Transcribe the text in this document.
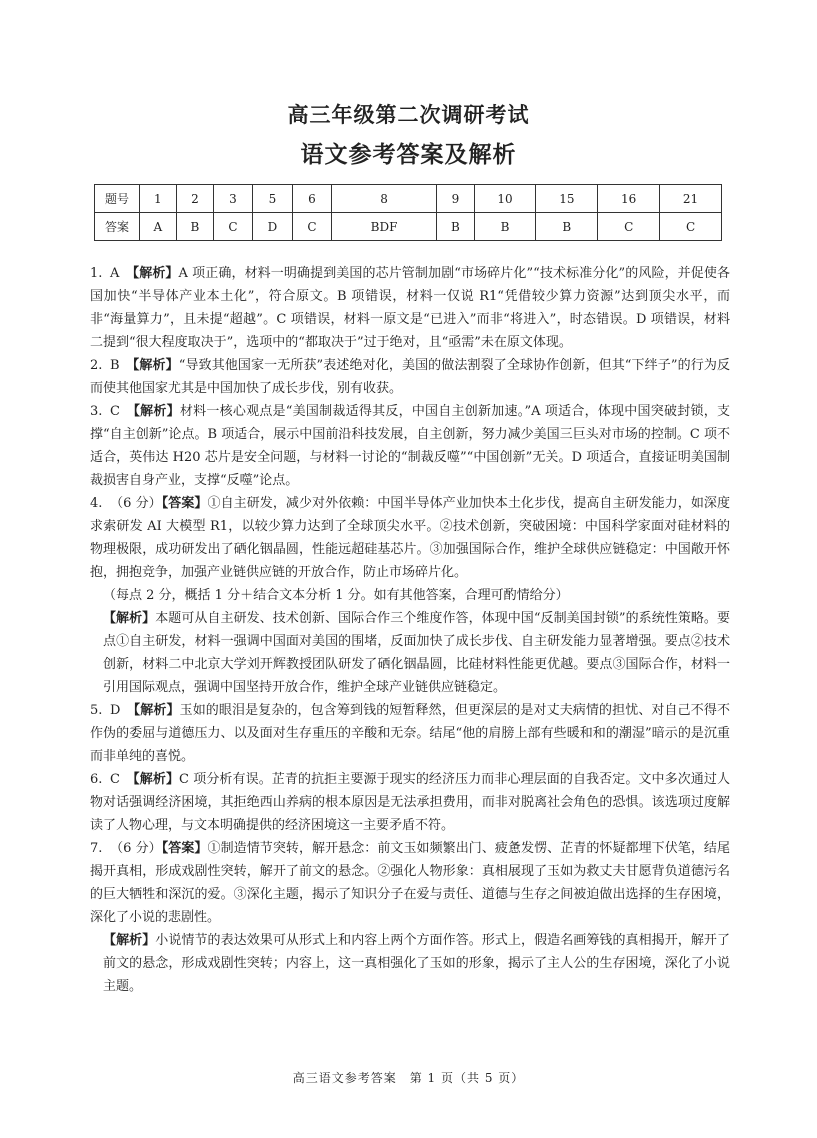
高三年级第二次调研考试
语文参考答案及解析
题号	1	2	3	5	6	8	9	10	15	16	21
答案	A	B	C	D	C	BDF	B	B	B	C	C

1. A　 【解析】A 项正确，材料一明确提到美国的芯片管制加剧“市场碎片化”“技术标准分化”的风险，并促使各国加快“半导体产业本土化”，符合原文。B 项错误，材料一仅说 R1“凭借较少算力资源”达到顶尖水平，而非“海量算力”，且未提“超越”。C 项错误，材料一原文是“已进入”而非“将进入”，时态错误。D 项错误，材料二提到“很大程度取决于”，选项中的“都取决于”过于绝对，且“亟需”未在原文体现。

2. B　 【解析】“导致其他国家一无所获”表述绝对化，美国的做法割裂了全球协作创新，但其“下绊子”的行为反而使其他国家尤其是中国加快了成长步伐，别有收获。

3. C　 【解析】材料一核心观点是“美国制裁适得其反，中国自主创新加速。”A 项适合，体现中国突破封锁，支撑“自主创新”论点。B 项适合，展示中国前沿科技发展，自主创新，努力减少美国三巨头对市场的控制。C 项不适合，英伟达 H20 芯片是安全问题，与材料一讨论的“制裁反噬”“中国创新”无关。D 项适合，直接证明美国制裁损害自身产业，支撑“反噬”论点。

4. （6 分）【答案】①自主研发，减少对外依赖：中国半导体产业加快本土化步伐，提高自主研发能力，如深度求索研发 AI 大模型 R1，以较少算力达到了全球顶尖水平。②技术创新，突破困境：中国科学家面对硅材料的物理极限，成功研发出了硒化铟晶圆，性能远超硅基芯片。③加强国际合作，维护全球供应链稳定：中国敞开怀抱，拥抱竞争，加强产业链供应链的开放合作，防止市场碎片化。

（每点 2 分，概括 1 分＋结合文本分析 1 分。如有其他答案，合理可酌情给分）

【解析】本题可从自主研发、技术创新、国际合作三个维度作答，体现中国“反制美国封锁”的系统性策略。要点①自主研发，材料一强调中国面对美国的围堵，反面加快了成长步伐、自主研发能力显著增强。要点②技术创新，材料二中北京大学刘开辉教授团队研发了硒化铟晶圆，比硅材料性能更优越。要点③国际合作，材料一引用国际观点，强调中国坚持开放合作，维护全球产业链供应链稳定。

5. D　 【解析】玉如的眼泪是复杂的，包含筹到钱的短暂释然，但更深层的是对丈夫病情的担忧、对自己不得不作伪的委屈与道德压力、以及面对生存重压的辛酸和无奈。结尾“他的肩膀上部有些暖和和的潮湿”暗示的是沉重而非单纯的喜悦。

6. C　 【解析】C 项分析有误。芷青的抗拒主要源于现实的经济压力而非心理层面的自我否定。文中多次通过人物对话强调经济困境，其拒绝西山养病的根本原因是无法承担费用，而非对脱离社会角色的恐惧。该选项过度解读了人物心理，与文本明确提供的经济困境这一主要矛盾不符。

7. （6 分）【答案】①制造情节突转，解开悬念：前文玉如频繁出门、疲惫发愣、芷青的怀疑都埋下伏笔，结尾揭开真相，形成戏剧性突转，解开了前文的悬念。②强化人物形象：真相展现了玉如为救丈夫甘愿背负道德污名的巨大牺牲和深沉的爱。③深化主题，揭示了知识分子在爱与责任、道德与生存之间被迫做出选择的生存困境，深化了小说的悲剧性。

【解析】小说情节的表达效果可从形式上和内容上两个方面作答。形式上，假造名画筹钱的真相揭开，解开了前文的悬念，形成戏剧性突转；内容上，这一真相强化了玉如的形象，揭示了主人公的生存困境，深化了小说主题。

高三语文参考答案　第 1 页（共 5 页）
